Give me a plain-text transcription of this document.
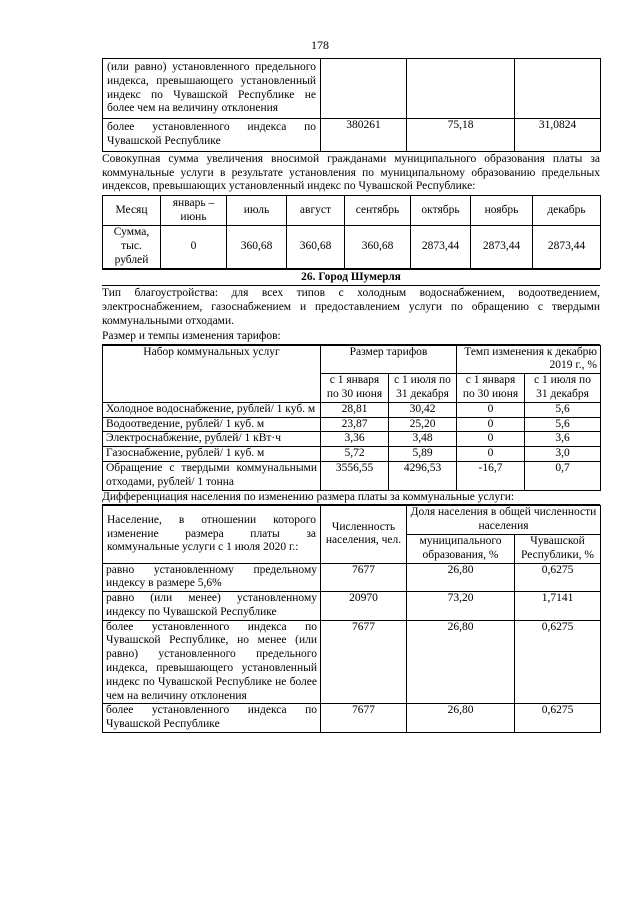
178
(или равно) установленного предельного индекса, превышающего установленный индекс по Чувашской Республике не более чем на величину отклонения			
более установленного индекса по Чувашской Республике	380261	75,18	31,0824
Совокупная сумма увеличения вносимой гражданами муниципального образования платы за коммунальные услуги в результате установления по муниципальному образованию предельных индексов, превышающих установленный индекс по Чувашской Республике:
Месяц	январь – июнь	июль	август	сентябрь	октябрь	ноябрь	декабрь
Сумма, тыс. рублей	0	360,68	360,68	360,68	2873,44	2873,44	2873,44
26. Город Шумерля
Тип благоустройства: для всех типов с холодным водоснабжением, водоотведением, электроснабжением, газоснабжением и предоставлением услуги по обращению с твердыми коммунальными отходами.
Размер и темпы изменения тарифов:
Набор коммунальных услуг	Размер тарифов		Темп изменения к декабрю 2019 г., %	
	с 1 января по 30 июня	с 1 июля по 31 декабря	с 1 января по 30 июня	с 1 июля по 31 декабря
Холодное водоснабжение, рублей/ 1 куб. м	28,81	30,42	0	5,6
Водоотведение, рублей/ 1 куб. м	23,87	25,20	0	5,6
Электроснабжение, рублей/ 1 кВт·ч	3,36	3,48	0	3,6
Газоснабжение, рублей/ 1 куб. м	5,72	5,89	0	3,0
Обращение с твердыми коммунальными отходами, рублей/ 1 тонна	3556,55	4296,53	-16,7	0,7
Дифференциация населения по изменению размера платы за коммунальные услуги:
Население, в отношении которого изменение размера платы за коммунальные услуги с 1 июля 2020 г.:	Численность населения, чел.	Доля населения в общей численности населения	
		муниципального образования, %	Чувашской Республики, %
равно установленному предельному индексу в размере 5,6%	7677	26,80	0,6275
равно (или менее) установленному индексу по Чувашской Республике	20970	73,20	1,7141
более установленного индекса по Чувашской Республике, но менее (или равно) установленного предельного индекса, превышающего установленный индекс по Чувашской Республике не более чем на величину отклонения	7677	26,80	0,6275
более установленного индекса по Чувашской Республике	7677	26,80	0,6275
